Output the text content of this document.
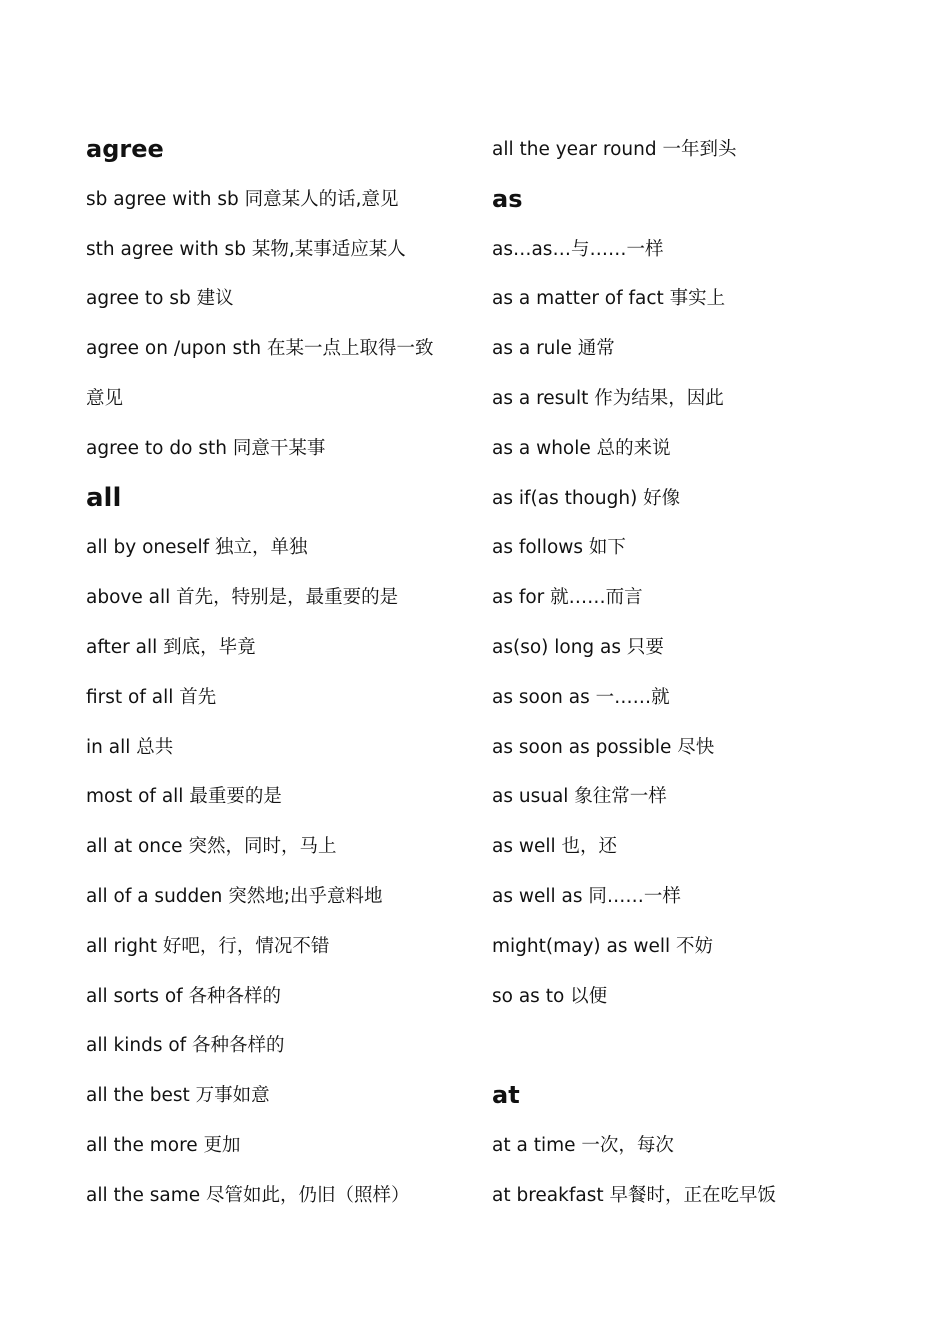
agree
sb agree with sb 同意某人的话,意见
sth agree with sb 某物,某事适应某人
agree to sb 建议
agree on /upon sth 在某一点上取得一致
意见
agree to do sth 同意干某事
all
all by oneself 独立，单独
above all 首先，特别是，最重要的是
after all 到底，毕竟
first of all 首先
in all 总共
most of all 最重要的是
all at once 突然，同时，马上
all of a sudden 突然地;出乎意料地
all right 好吧，行，情况不错
all sorts of 各种各样的
all kinds of 各种各样的
all the best 万事如意
all the more 更加
all the same 尽管如此，仍旧（照样）
all the year round 一年到头
as
as…as…与……一样
as a matter of fact 事实上
as a rule 通常
as a result 作为结果，因此
as a whole 总的来说
as if(as though) 好像
as follows 如下
as for 就……而言
as(so) long as 只要
as soon as 一……就
as soon as possible 尽快
as usual 象往常一样
as well 也，还
as well as 同……一样
might(may) as well 不妨
so as to 以便
at
at a time 一次，每次
at breakfast 早餐时，正在吃早饭
